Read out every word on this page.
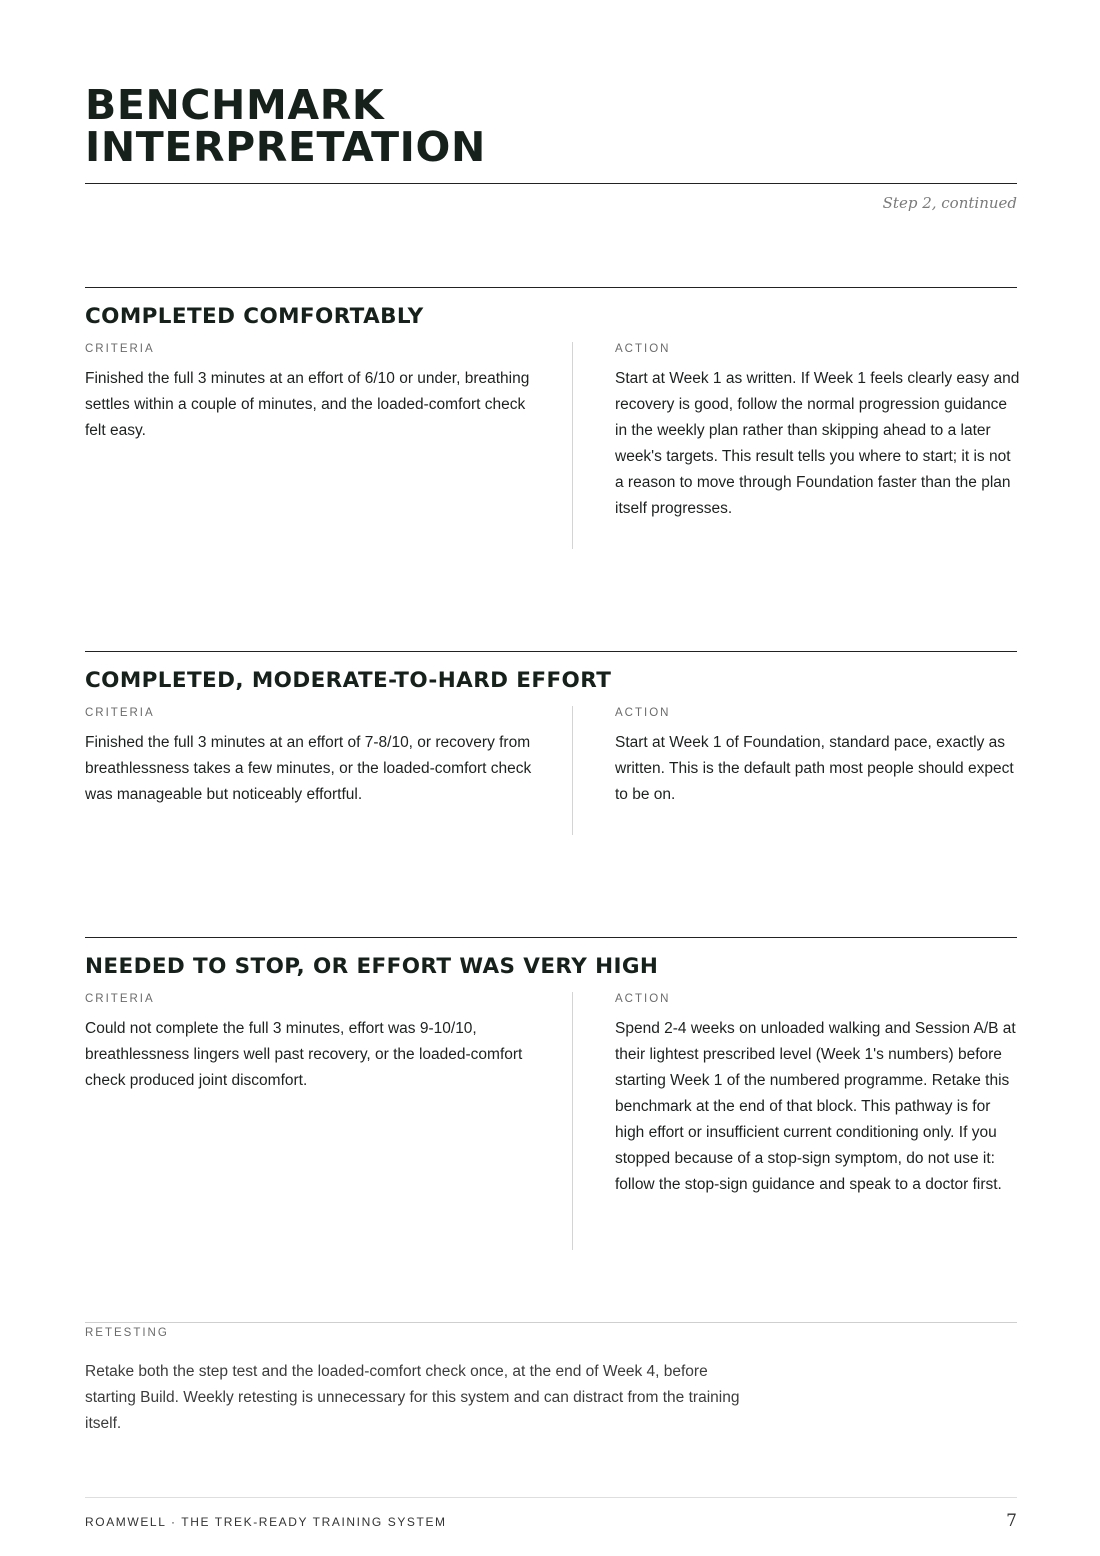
BENCHMARK
INTERPRETATION
Step 2, continued
COMPLETED COMFORTABLY

CRITERIA

Finished the full 3 minutes at an effort of 6/10 or under, breathing settles within a couple of minutes, and the loaded-comfort check felt easy.

ACTION

Start at Week 1 as written. If Week 1 feels clearly easy and recovery is good, follow the normal progression guidance in the weekly plan rather than skipping ahead to a later week's targets. This result tells you where to start; it is not a reason to move through Foundation faster than the plan itself progresses.

COMPLETED, MODERATE-TO-HARD EFFORT

CRITERIA

Finished the full 3 minutes at an effort of 7-8/10, or recovery from breathlessness takes a few minutes, or the loaded-comfort check was manageable but noticeably effortful.

ACTION

Start at Week 1 of Foundation, standard pace, exactly as written. This is the default path most people should expect to be on.

NEEDED TO STOP, OR EFFORT WAS VERY HIGH

CRITERIA

Could not complete the full 3 minutes, effort was 9-10/10, breathlessness lingers well past recovery, or the loaded-comfort check produced joint discomfort.

ACTION

Spend 2-4 weeks on unloaded walking and Session A/B at their lightest prescribed level (Week 1's numbers) before starting Week 1 of the numbered programme. Retake this benchmark at the end of that block. This pathway is for high effort or insufficient current conditioning only. If you stopped because of a stop-sign symptom, do not use it: follow the stop-sign guidance and speak to a doctor first.

RETESTING

Retake both the step test and the loaded-comfort check once, at the end of Week 4, before starting Build. Weekly retesting is unnecessary for this system and can distract from the training itself.

ROAMWELL · THE TREK-READY TRAINING SYSTEM	7
